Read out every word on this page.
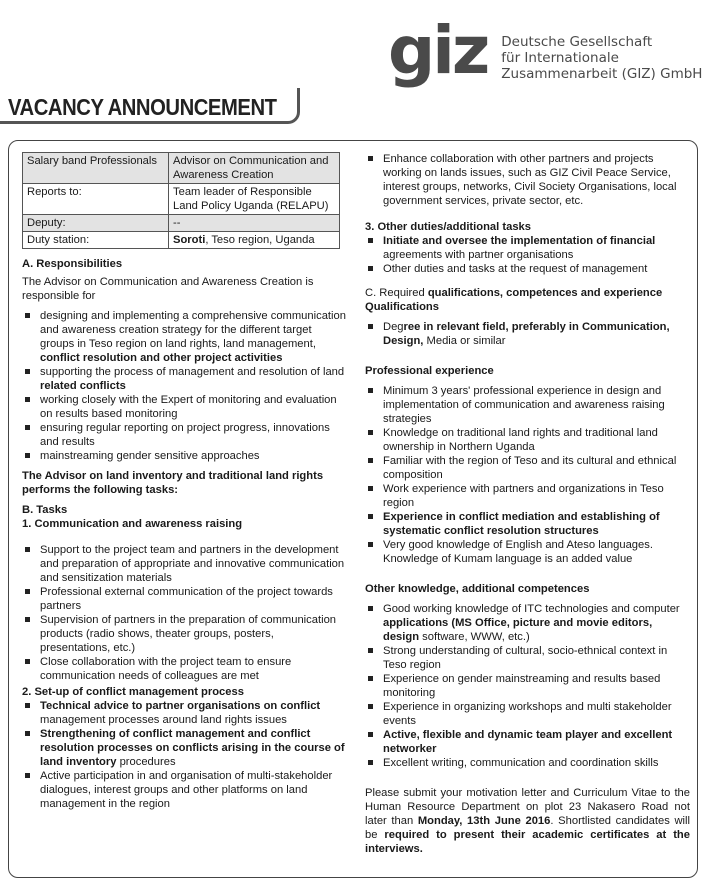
giz Deutsche Gesellschaft
für Internationale
Zusammenarbeit (GIZ) GmbH
VACANCY ANNOUNCEMENT
Salary band Professionals	Advisor on Communication and Awareness Creation
Reports to:	Team leader of Responsible Land Policy Uganda (RELAPU)
Deputy:	--
Duty station:	Soroti, Teso region, Uganda
A. Responsibilities
The Advisor on Communication and Awareness Creation is responsible for
designing and implementing a comprehensive communication and awareness creation strategy for the different target groups in Teso region on land rights, land management, conflict resolution and other project activities
supporting the process of management and resolution of land related conflicts
working closely with the Expert of monitoring and evaluation on results based monitoring
ensuring regular reporting on project progress, innovations and results
mainstreaming gender sensitive approaches
The Advisor on land inventory and traditional land rights performs the following tasks:
B. Tasks
1. Communication and awareness raising
Support to the project team and partners in the development and preparation of appropriate and innovative communication and sensitization materials
Professional external communication of the project towards partners
Supervision of partners in the preparation of communication products (radio shows, theater groups, posters, presentations, etc.)
Close collaboration with the project team to ensure communication needs of colleagues are met
2. Set-up of conflict management process
Technical advice to partner organisations on conflict management processes around land rights issues
Strengthening of conflict management and conflict resolution processes on conflicts arising in the course of land inventory procedures
Active participation in and organisation of multi-stakeholder dialogues, interest groups and other platforms on land management in the region
Enhance collaboration with other partners and projects working on lands issues, such as GIZ Civil Peace Service, interest groups, networks, Civil Society Organisations, local government services, private sector, etc.
3. Other duties/additional tasks
Initiate and oversee the implementation of financial agreements with partner organisations
Other duties and tasks at the request of management
C. Required qualifications, competences and experience
Qualifications
Degree in relevant field, preferably in Communication, Design, Media or similar
Professional experience
Minimum 3 years' professional experience in design and implementation of communication and awareness raising strategies
Knowledge on traditional land rights and traditional land ownership in Northern Uganda
Familiar with the region of Teso and its cultural and ethnical composition
Work experience with partners and organizations in Teso region
Experience in conflict mediation and establishing of systematic conflict resolution structures
Very good knowledge of English and Ateso languages. Knowledge of Kumam language is an added value
Other knowledge, additional competences
Good working knowledge of ITC technologies and computer applications (MS Office, picture and movie editors, design software, WWW, etc.)
Strong understanding of cultural, socio-ethnical context in Teso region
Experience on gender mainstreaming and results based monitoring
Experience in organizing workshops and multi stakeholder events
Active, flexible and dynamic team player and excellent networker
Excellent writing, communication and coordination skills
Please submit your motivation letter and Curriculum Vitae to the Human Resource Department on plot 23 Nakasero Road not later than Monday, 13th June 2016. Shortlisted candidates will be required to present their academic certificates at the interviews.
